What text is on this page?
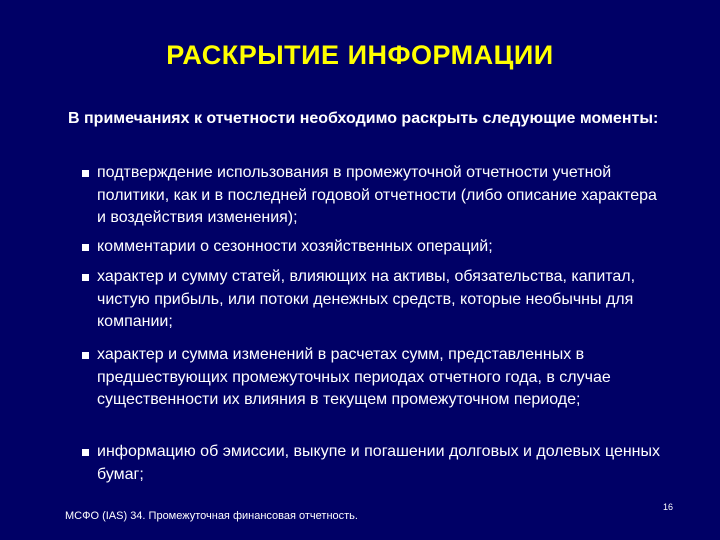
РАСКРЫТИЕ ИНФОРМАЦИИ
В примечаниях к отчетности необходимо раскрыть следующие моменты:
подтверждение использования в промежуточной отчетности учетной политики, как и в последней годовой отчетности (либо описание характера и воздействия изменения);
комментарии о сезонности хозяйственных операций;
характер и сумму статей, влияющих на активы, обязательства, капитал, чистую прибыль, или потоки денежных средств, которые необычны для компании;
характер и сумма изменений в расчетах сумм, представленных в предшествующих промежуточных периодах отчетного года, в случае существенности их влияния в текущем промежуточном периоде;
информацию об эмиссии, выкупе и погашении долговых и долевых ценных бумаг;
МСФО (IAS) 34. Промежуточная финансовая отчетность.
16
